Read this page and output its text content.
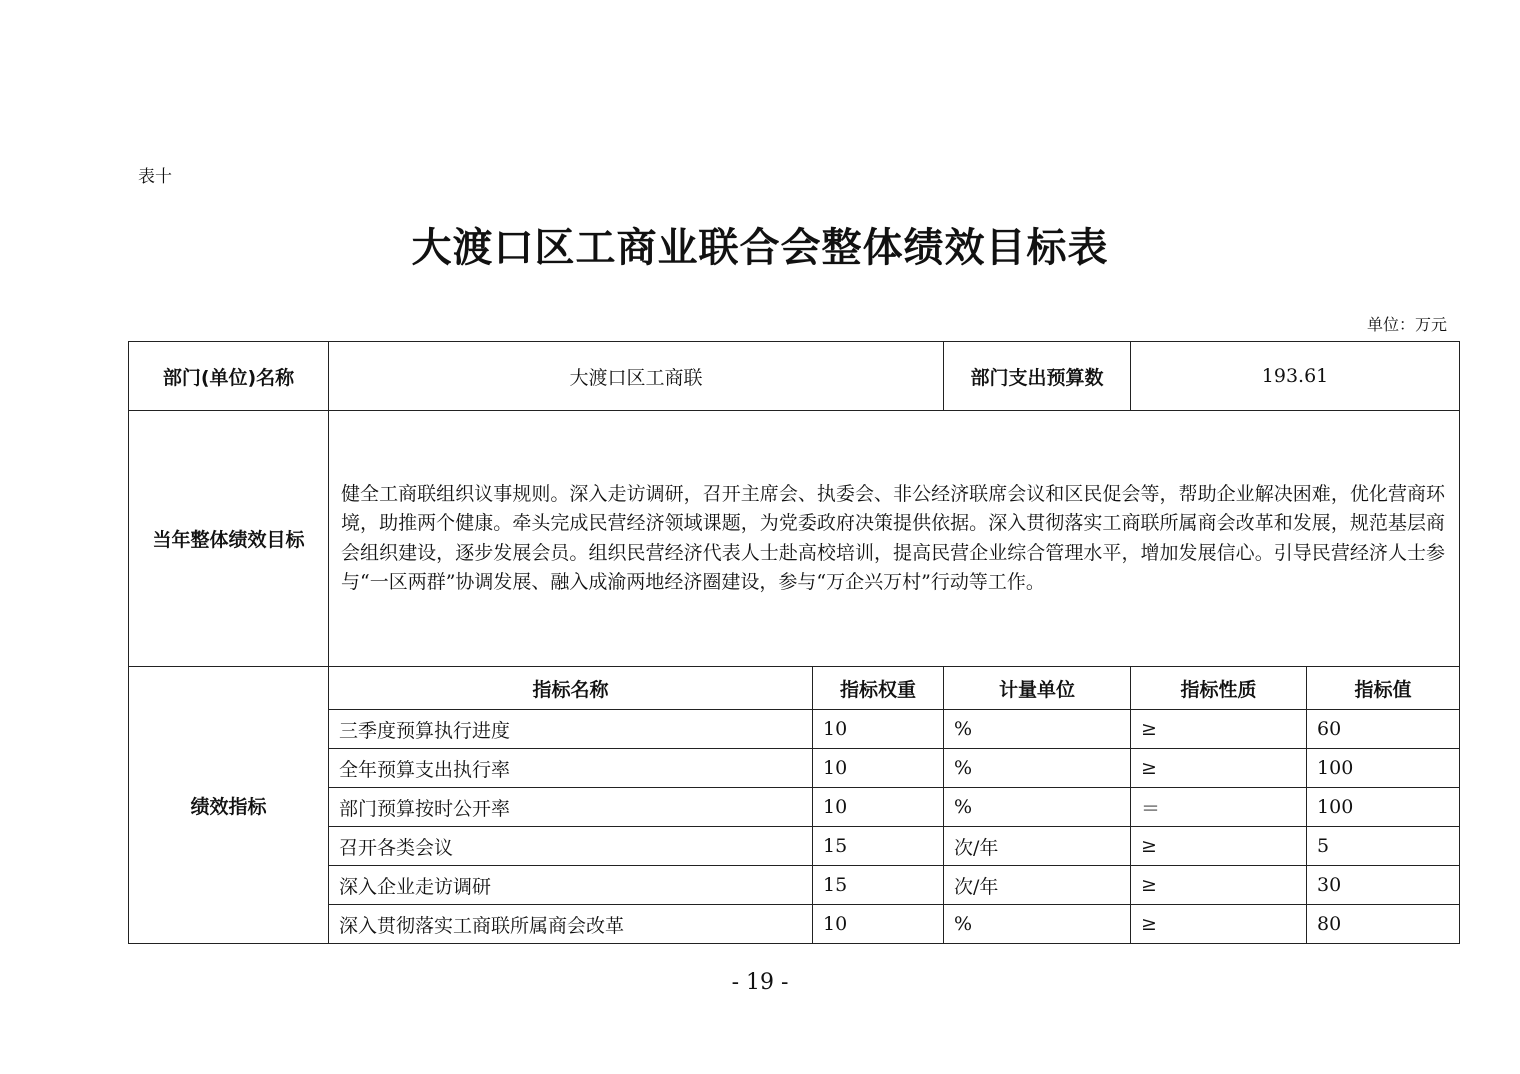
表十
大渡口区工商业联合会整体绩效目标表
单位：万元
部门(单位)名称	大渡口区工商联		部门支出预算数	193.61	
当年整体绩效目标	健全工商联组织议事规则。深入走访调研，召开主席会、执委会、非公经济联席会议和区民促会等，帮助企业解决困难，优化营商环境，助推两个健康。牵头完成民营经济领域课题，为党委政府决策提供依据。深入贯彻落实工商联所属商会改革和发展，规范基层商会组织建设，逐步发展会员。组织民营经济代表人士赴高校培训，提高民营企业综合管理水平，增加发展信心。引导民营经济人士参与“一区两群”协调发展、融入成渝两地经济圈建设，参与“万企兴万村”行动等工作。				
绩效指标	指标名称	指标权重	计量单位	指标性质	指标值
	三季度预算执行进度	10	%	≥	60
	全年预算支出执行率	10	%	≥	100
	部门预算按时公开率	10	%	＝	100
	召开各类会议	15	次/年	≥	5
	深入企业走访调研	15	次/年	≥	30
	深入贯彻落实工商联所属商会改革	10	%	≥	80
- 19 -
